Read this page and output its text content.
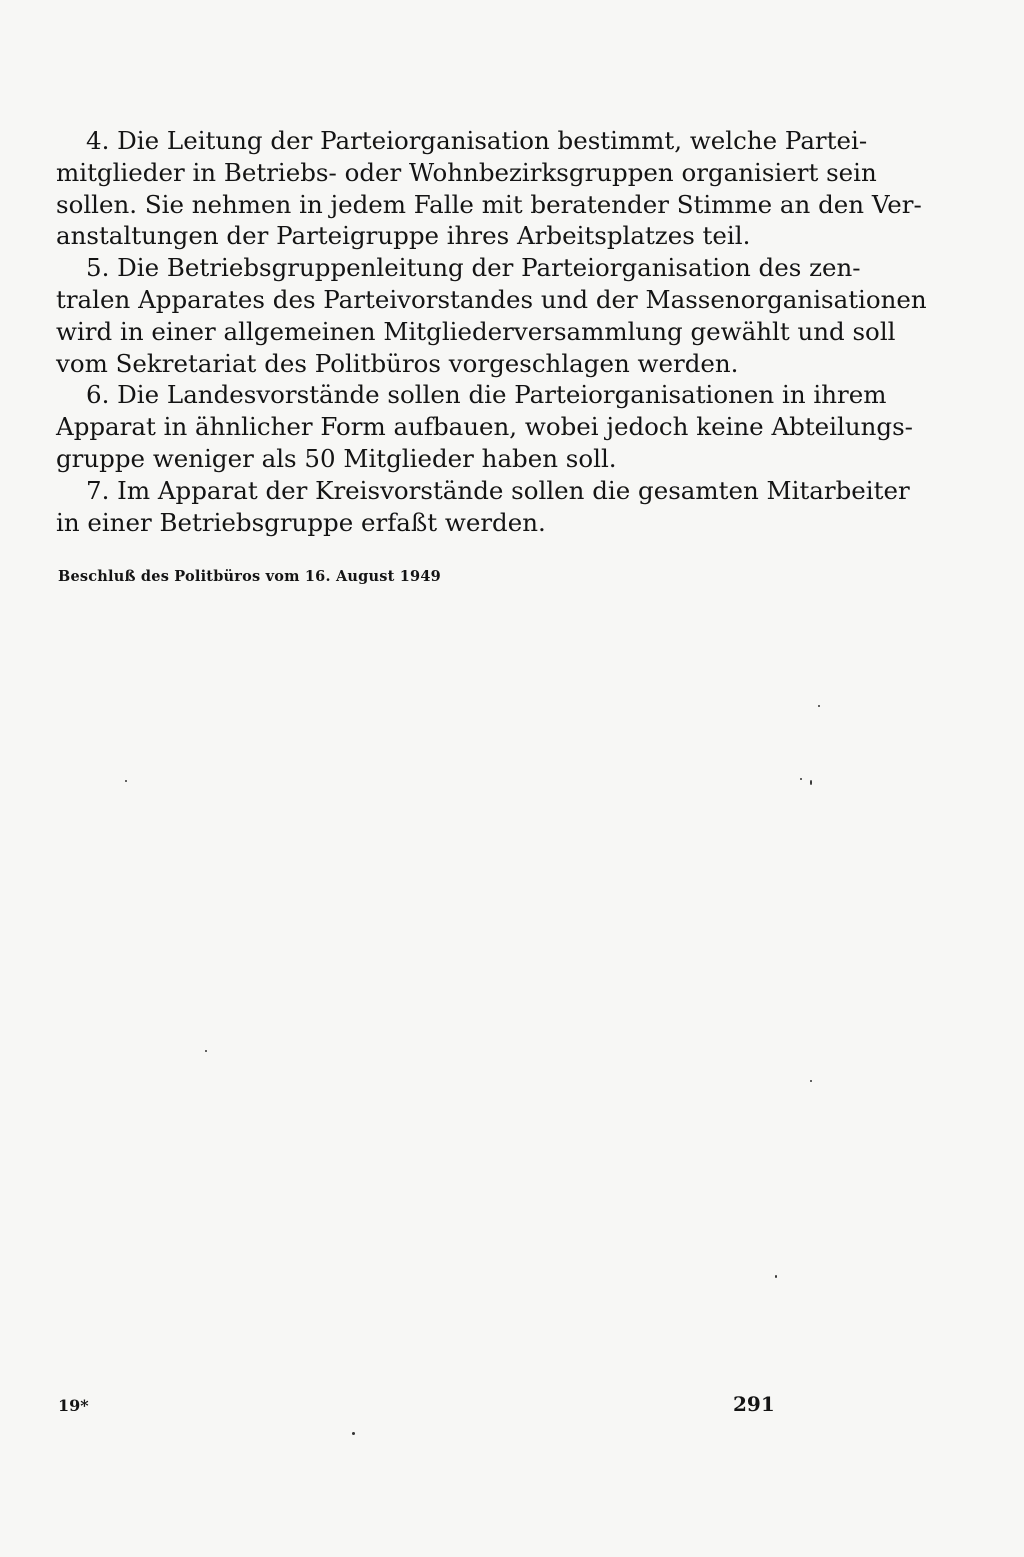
4. Die Leitung der Parteiorganisation bestimmt, welche Partei-
mitglieder in Betriebs- oder Wohnbezirksgruppen organisiert sein
sollen. Sie nehmen in jedem Falle mit beratender Stimme an den Ver-
anstaltungen der Parteigruppe ihres Arbeitsplatzes teil.
5. Die Betriebsgruppenleitung der Parteiorganisation des zen-
tralen Apparates des Parteivorstandes und der Massenorganisationen
wird in einer allgemeinen Mitgliederversammlung gewählt und soll
vom Sekretariat des Politbüros vorgeschlagen werden.
6. Die Landesvorstände sollen die Parteiorganisationen in ihrem
Apparat in ähnlicher Form aufbauen, wobei jedoch keine Abteilungs-
gruppe weniger als 50 Mitglieder haben soll.
7. Im Apparat der Kreisvorstände sollen die gesamten Mitarbeiter
in einer Betriebsgruppe erfaßt werden.
Beschluß des Politbüros vom 16. August 1949
19*	291
